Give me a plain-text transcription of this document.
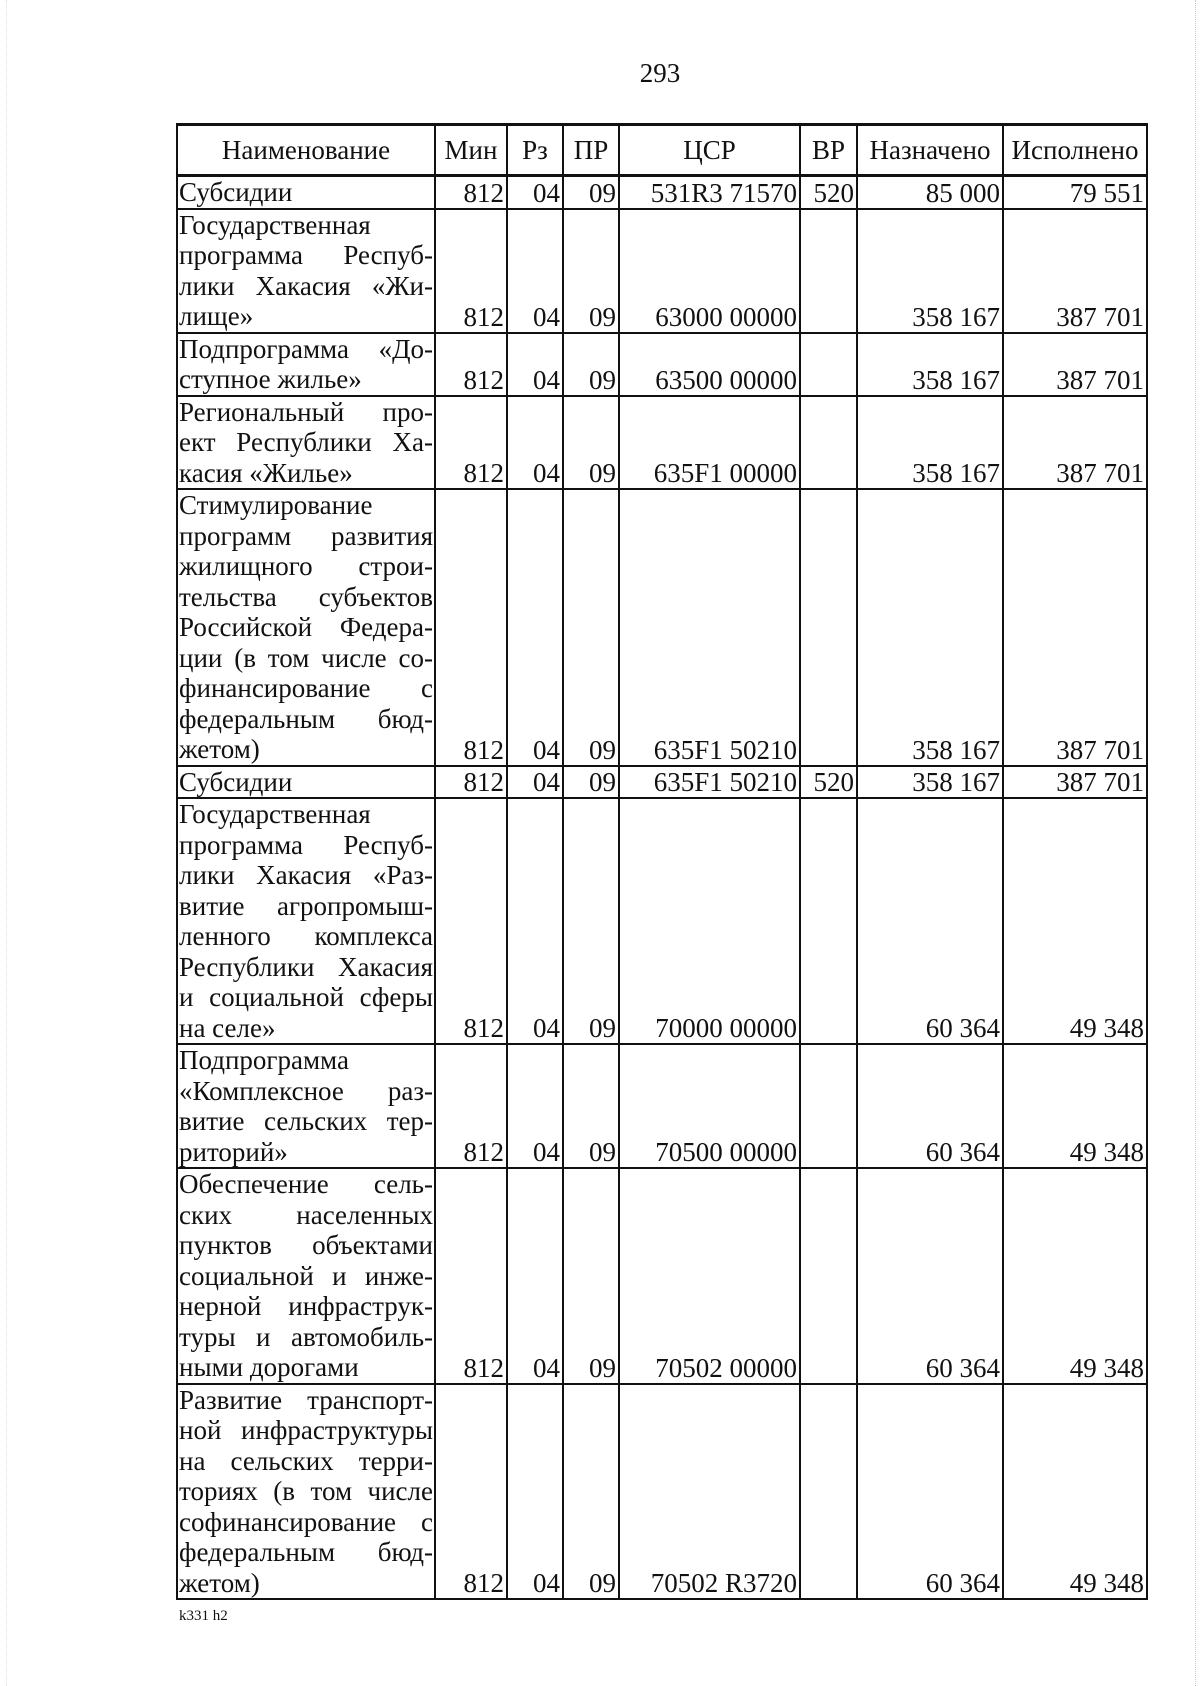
293
Наименование	Мин	Рз	ПР	ЦСР	ВР	Назначено	Исполнено
Субсидии	812	04	09	531R3 71570	520	85 000	79 551
Государственная программа Респуб-лики Хакасия «Жи-лище»	812	04	09	63000 00000		358 167	387 701
Подпрограмма «До-ступное жилье»	812	04	09	63500 00000		358 167	387 701
Региональный про-ект Республики Ха-касия «Жилье»	812	04	09	635F1 00000		358 167	387 701
Стимулирование программ развития жилищного строи-тельства субъектов Российской Федера-ции (в том числе со-финансирование с федеральным бюд-жетом)	812	04	09	635F1 50210		358 167	387 701
Субсидии	812	04	09	635F1 50210	520	358 167	387 701
Государственная программа Респуб-лики Хакасия «Раз-витие агропромыш-ленного комплекса Республики Хакасия и социальной сферы на селе»	812	04	09	70000 00000		60 364	49 348
Подпрограмма «Комплексное раз-витие сельских тер-риторий»	812	04	09	70500 00000		60 364	49 348
Обеспечение сель-ских населенных пунктов объектами социальной и инже-нерной инфраструк-туры и автомобиль-ными дорогами	812	04	09	70502 00000		60 364	49 348
Развитие транспорт-ной инфраструктуры на сельских терри-ториях (в том числе софинансирование с федеральным бюд-жетом)	812	04	09	70502 R3720		60 364	49 348
k331 h2
